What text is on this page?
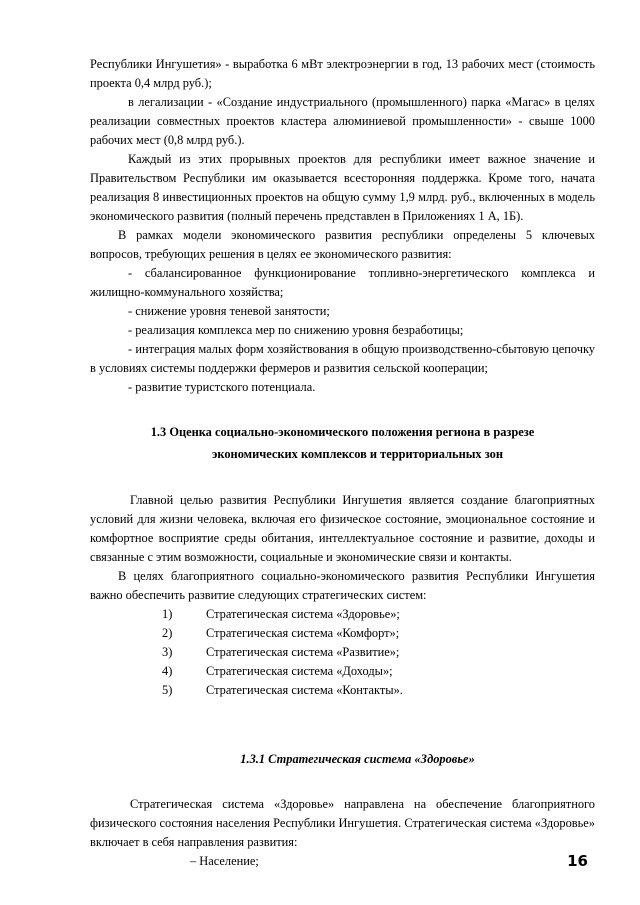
Республики Ингушетия» - выработка 6 мВт электроэнергии в год, 13 рабочих мест (стоимость проекта 0,4 млрд руб.);

в легализации - «Создание индустриального (промышленного) парка «Магас» в целях реализации совместных проектов кластера алюминиевой промышленности» - свыше 1000 рабочих мест (0,8 млрд руб.).

Каждый из этих прорывных проектов для республики имеет важное значение и Правительством Республики им оказывается всесторонняя поддержка. Кроме того, начата реализация 8 инвестиционных проектов на общую сумму 1,9 млрд. руб., включенных в модель экономического развития (полный перечень представлен в Приложениях 1 А, 1Б).

В рамках модели экономического развития республики определены 5 ключевых вопросов, требующих решения в целях ее экономического развития:

- сбалансированное функционирование топливно-энергетического комплекса и жилищно-коммунального хозяйства;

- снижение уровня теневой занятости;

- реализация комплекса мер по снижению уровня безработицы;

- интеграция малых форм хозяйствования в общую производственно-сбытовую цепочку в условиях системы поддержки фермеров и развития сельской кооперации;

- развитие туристского потенциала.

1.3 Оценка социально-экономического положения региона в разрезе
экономических комплексов и территориальных зон

Главной целью развития Республики Ингушетия является создание благоприятных условий для жизни человека, включая его физическое состояние, эмоциональное состояние и комфортное восприятие среды обитания, интеллектуальное состояние и развитие, доходы и связанные с этим возможности, социальные и экономические связи и контакты.

В целях благоприятного социально-экономического развития Республики Ингушетия важно обеспечить развитие следующих стратегических систем:

1)	Стратегическая система «Здоровье»;
2)	Стратегическая система «Комфорт»;
3)	Стратегическая система «Развитие»;
4)	Стратегическая система «Доходы»;
5)	Стратегическая система «Контакты».
1.3.1 Стратегическая система «Здоровье»

Стратегическая система «Здоровье» направлена на обеспечение благоприятного физического состояния населения Республики Ингушетия. Стратегическая система «Здоровье» включает в себя направления развития:

– Население;	16
